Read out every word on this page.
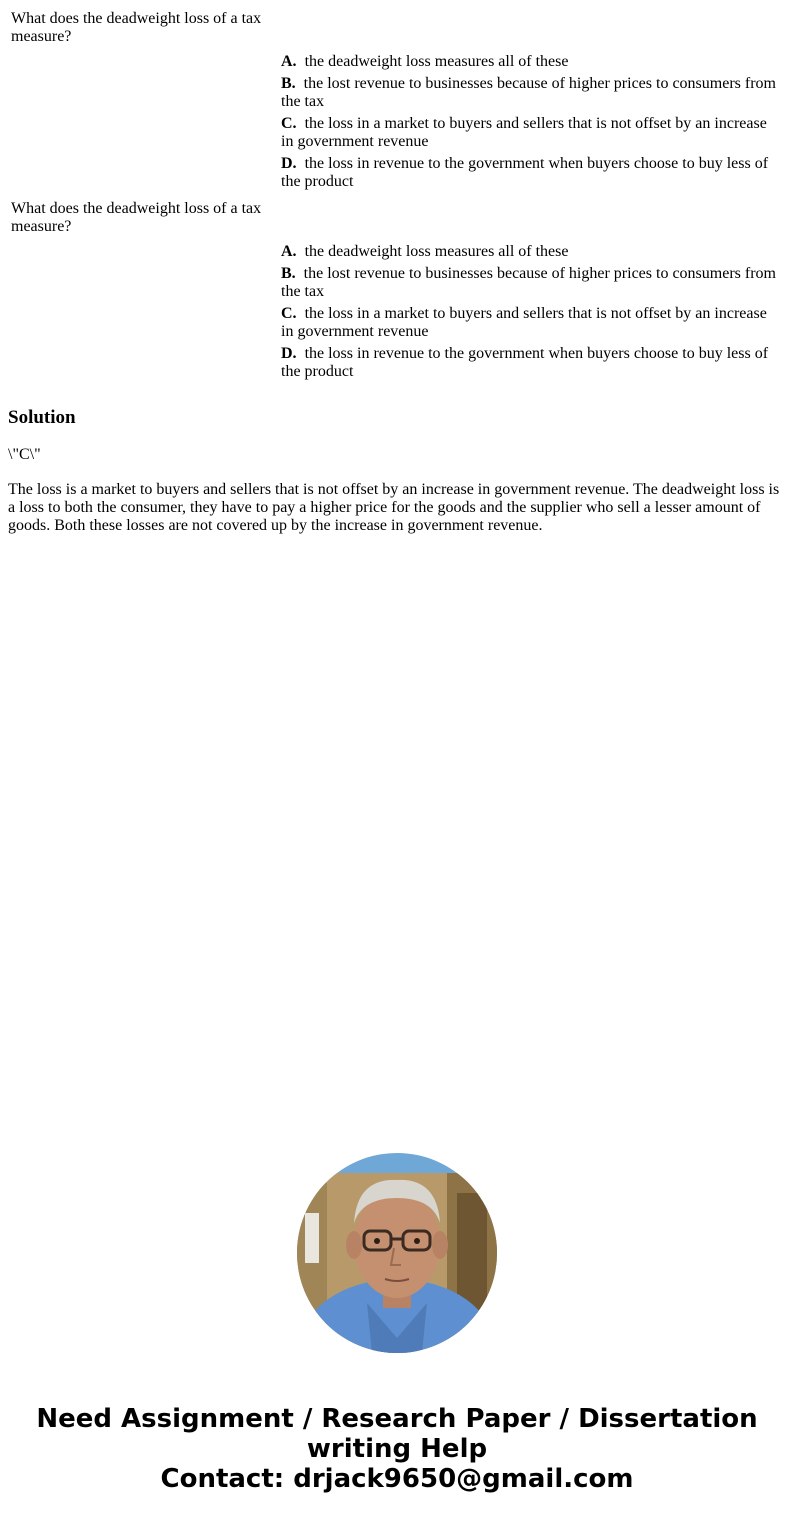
What does the deadweight loss of a tax measure?
A. the deadweight loss measures all of these
B. the lost revenue to businesses because of higher prices to consumers from the tax
C. the loss in a market to buyers and sellers that is not offset by an increase in government revenue
D. the loss in revenue to the government when buyers choose to buy less of the product
What does the deadweight loss of a tax measure?
A. the deadweight loss measures all of these
B. the lost revenue to businesses because of higher prices to consumers from the tax
C. the loss in a market to buyers and sellers that is not offset by an increase in government revenue
D. the loss in revenue to the government when buyers choose to buy less of the product
Solution
\"C\"
The loss is a market to buyers and sellers that is not offset by an increase in government revenue. The deadweight loss is a loss to both the consumer, they have to pay a higher price for the goods and the supplier who sell a lesser amount of goods. Both these losses are not covered up by the increase in government revenue.
Need Assignment / Research Paper / Dissertation
writing Help
Contact: drjack9650@gmail.com
